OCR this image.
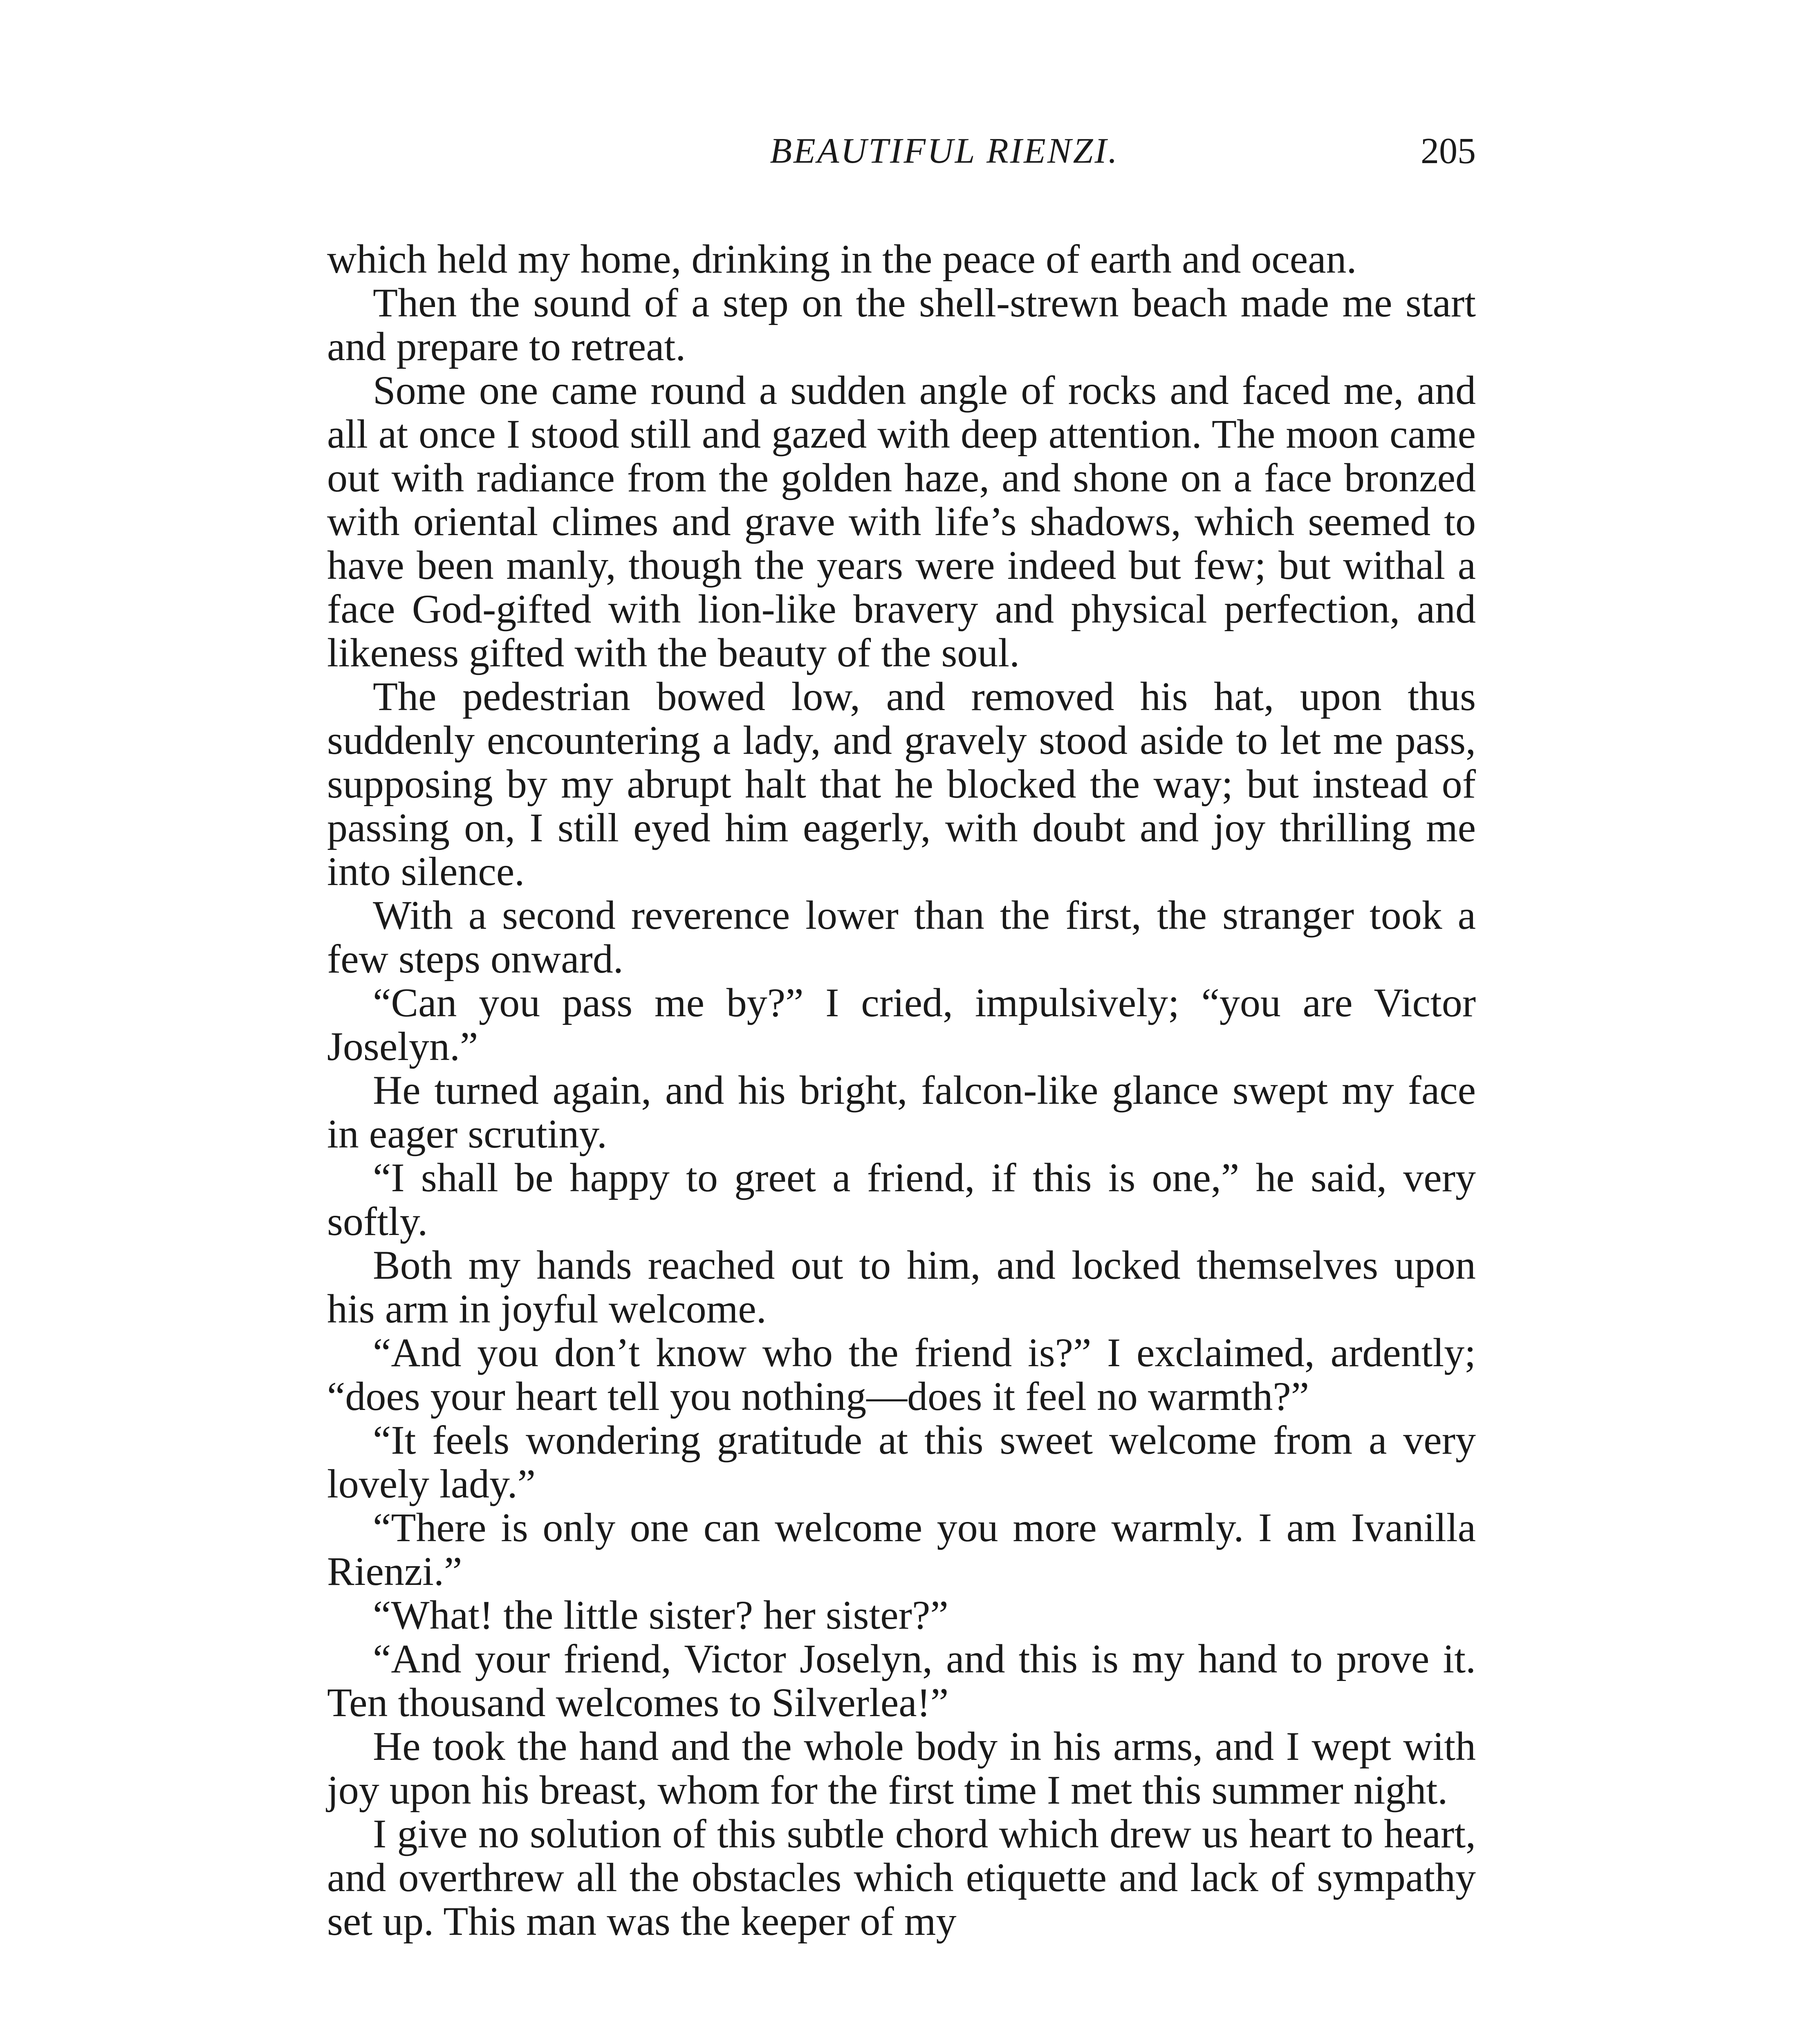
BEAUTIFUL RIENZI.	205

which held my home, drinking in the peace of earth and ocean.

Then the sound of a step on the shell-strewn beach made me start and prepare to retreat.

Some one came round a sudden angle of rocks and faced me, and all at once I stood still and gazed with deep attention. The moon came out with radiance from the golden haze, and shone on a face bronzed with oriental climes and grave with life’s shadows, which seemed to have been manly, though the years were indeed but few; but withal a face God-gifted with lion-like bravery and physical perfection, and likeness gifted with the beauty of the soul.

The pedestrian bowed low, and removed his hat, upon thus suddenly encountering a lady, and gravely stood aside to let me pass, supposing by my abrupt halt that he blocked the way; but instead of passing on, I still eyed him eagerly, with doubt and joy thrilling me into silence.

With a second reverence lower than the first, the stranger took a few steps onward.

“Can you pass me by?” I cried, impulsively; “you are Victor Joselyn.”

He turned again, and his bright, falcon-like glance swept my face in eager scrutiny.

“I shall be happy to greet a friend, if this is one,” he said, very softly.

Both my hands reached out to him, and locked themselves upon his arm in joyful welcome.

“And you don’t know who the friend is?” I exclaimed, ardently; “does your heart tell you nothing—does it feel no warmth?”

“It feels wondering gratitude at this sweet welcome from a very lovely lady.”

“There is only one can welcome you more warmly. I am Ivanilla Rienzi.”

“What! the little sister? her sister?”

“And your friend, Victor Joselyn, and this is my hand to prove it. Ten thousand welcomes to Silverlea!”

He took the hand and the whole body in his arms, and I wept with joy upon his breast, whom for the first time I met this summer night.

I give no solution of this subtle chord which drew us heart to heart, and overthrew all the obstacles which etiquette and lack of sympathy set up. This man was the keeper of my
